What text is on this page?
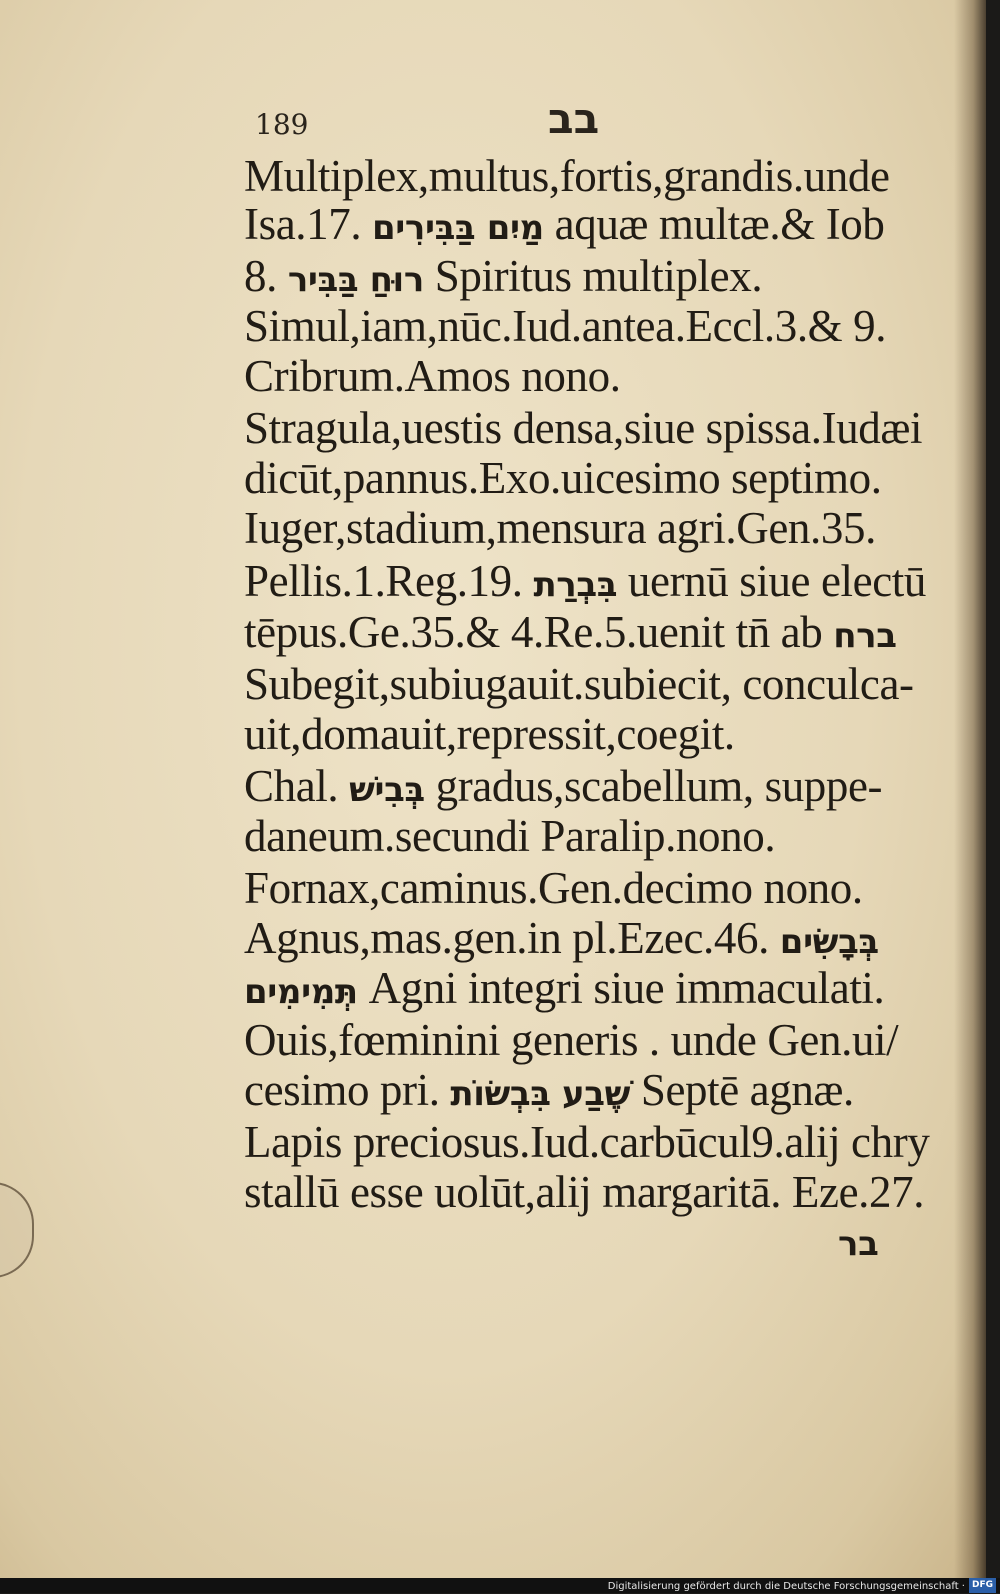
189	בב
Multiplex,multus,fortis,grandis.unde
Isa.17. מַיִם בַּבִּירִים aquæ multæ.& Iob
8. רוּחַ בַּבִּיר Spiritus multiplex.
Simul,iam,nūc.Iud.antea.Eccl.3.& 9.
Cribrum.Amos nono.
Stragula,uestis densa,siue spissa.Iudæi
dicūt,pannus.Exo.uicesimo septimo.
Iuger,stadium,mensura agri.Gen.35.
Pellis.1.Reg.19. בִּבְרַת uernū siue electū
tēpus.Ge.35.& 4.Re.5.uenit tn̄ ab ברח
Subegit,subiugauit.subiecit, conculca-
uit,domauit,repressit,coegit.
Chal. בְּבִישׁ gradus,scabellum, suppe-
daneum.secundi Paralip.nono.
Fornax,caminus.Gen.decimo nono.
Agnus,mas.gen.in pl.Ezec.46. בְּבָשִׂים
תְּמִימִים Agni integri siue immaculati.
Ouis,fœminini generis . unde Gen.ui/
cesimo pri. שֶׁבַע בִּבְשׂוֹת Septē agnæ.
Lapis preciosus.Iud.carbūcul9.alij chry
stallū esse uolūt,alij margaritā. Eze.27.
בר
Digitalisierung gefördert durch die Deutsche Forschungsgemeinschaft · DFG
